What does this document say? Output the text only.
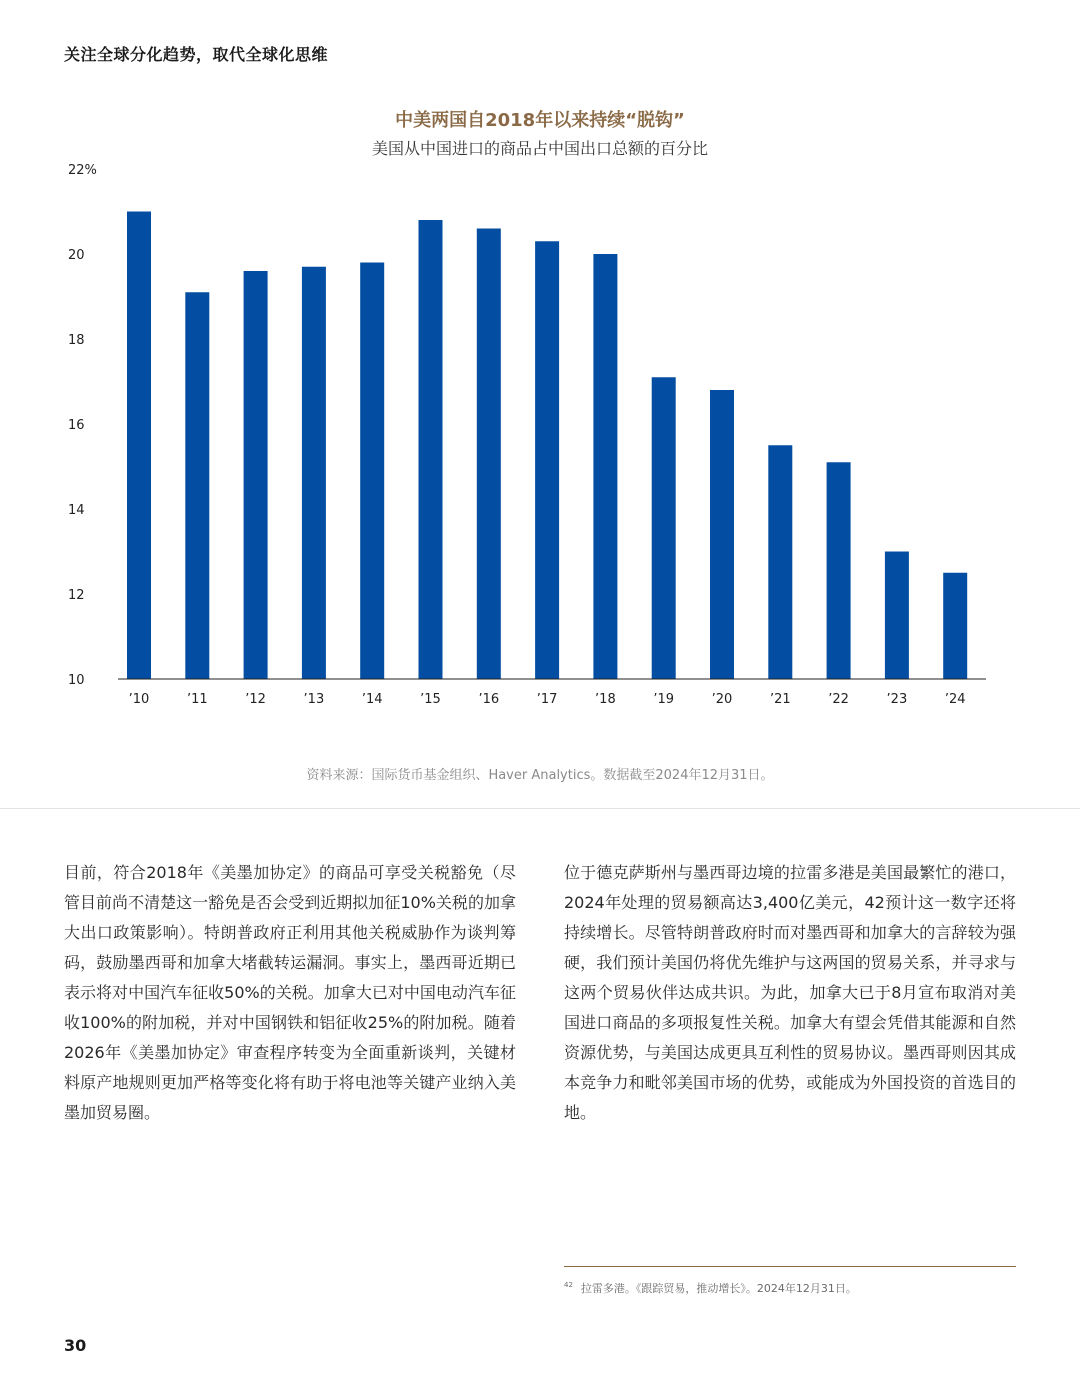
关注全球分化趋势，取代全球化思维
中美两国自2018年以来持续“脱钩”
美国从中国进口的商品占中国出口总额的百分比
22%
20
18
16
14
12
10
’10	’11	’12	’13	’14	’15	’16	’17	’18	’19	’20	’21	’22	’23	’24
资料来源：国际货币基金组织、Haver Analytics。数据截至2024年12月31日。
目前，符合2018年《美墨加协定》的商品可享受关税豁免（尽管目前尚不清楚这一豁免是否会受到近期拟加征10%关税的加拿大出口政策影响）。特朗普政府正利用其他关税威胁作为谈判筹码，鼓励墨西哥和加拿大堵截转运漏洞。事实上，墨西哥近期已表示将对中国汽车征收50%的关税。加拿大已对中国电动汽车征收100%的附加税，并对中国钢铁和铝征收25%的附加税。随着2026年《美墨加协定》审查程序转变为全面重新谈判，关键材料原产地规则更加严格等变化将有助于将电池等关键产业纳入美墨加贸易圈。
位于德克萨斯州与墨西哥边境的拉雷多港是美国最繁忙的港口，2024年处理的贸易额高达3,400亿美元，42预计这一数字还将持续增长。尽管特朗普政府时而对墨西哥和加拿大的言辞较为强硬，我们预计美国仍将优先维护与这两国的贸易关系，并寻求与这两个贸易伙伴达成共识。为此，加拿大已于8月宣布取消对美国进口商品的多项报复性关税。加拿大有望会凭借其能源和自然资源优势，与美国达成更具互利性的贸易协议。墨西哥则因其成本竞争力和毗邻美国市场的优势，或能成为外国投资的首选目的地。
$^{42}$ 拉雷多港。《跟踪贸易，推动增长》。2024年12月31日。
30
